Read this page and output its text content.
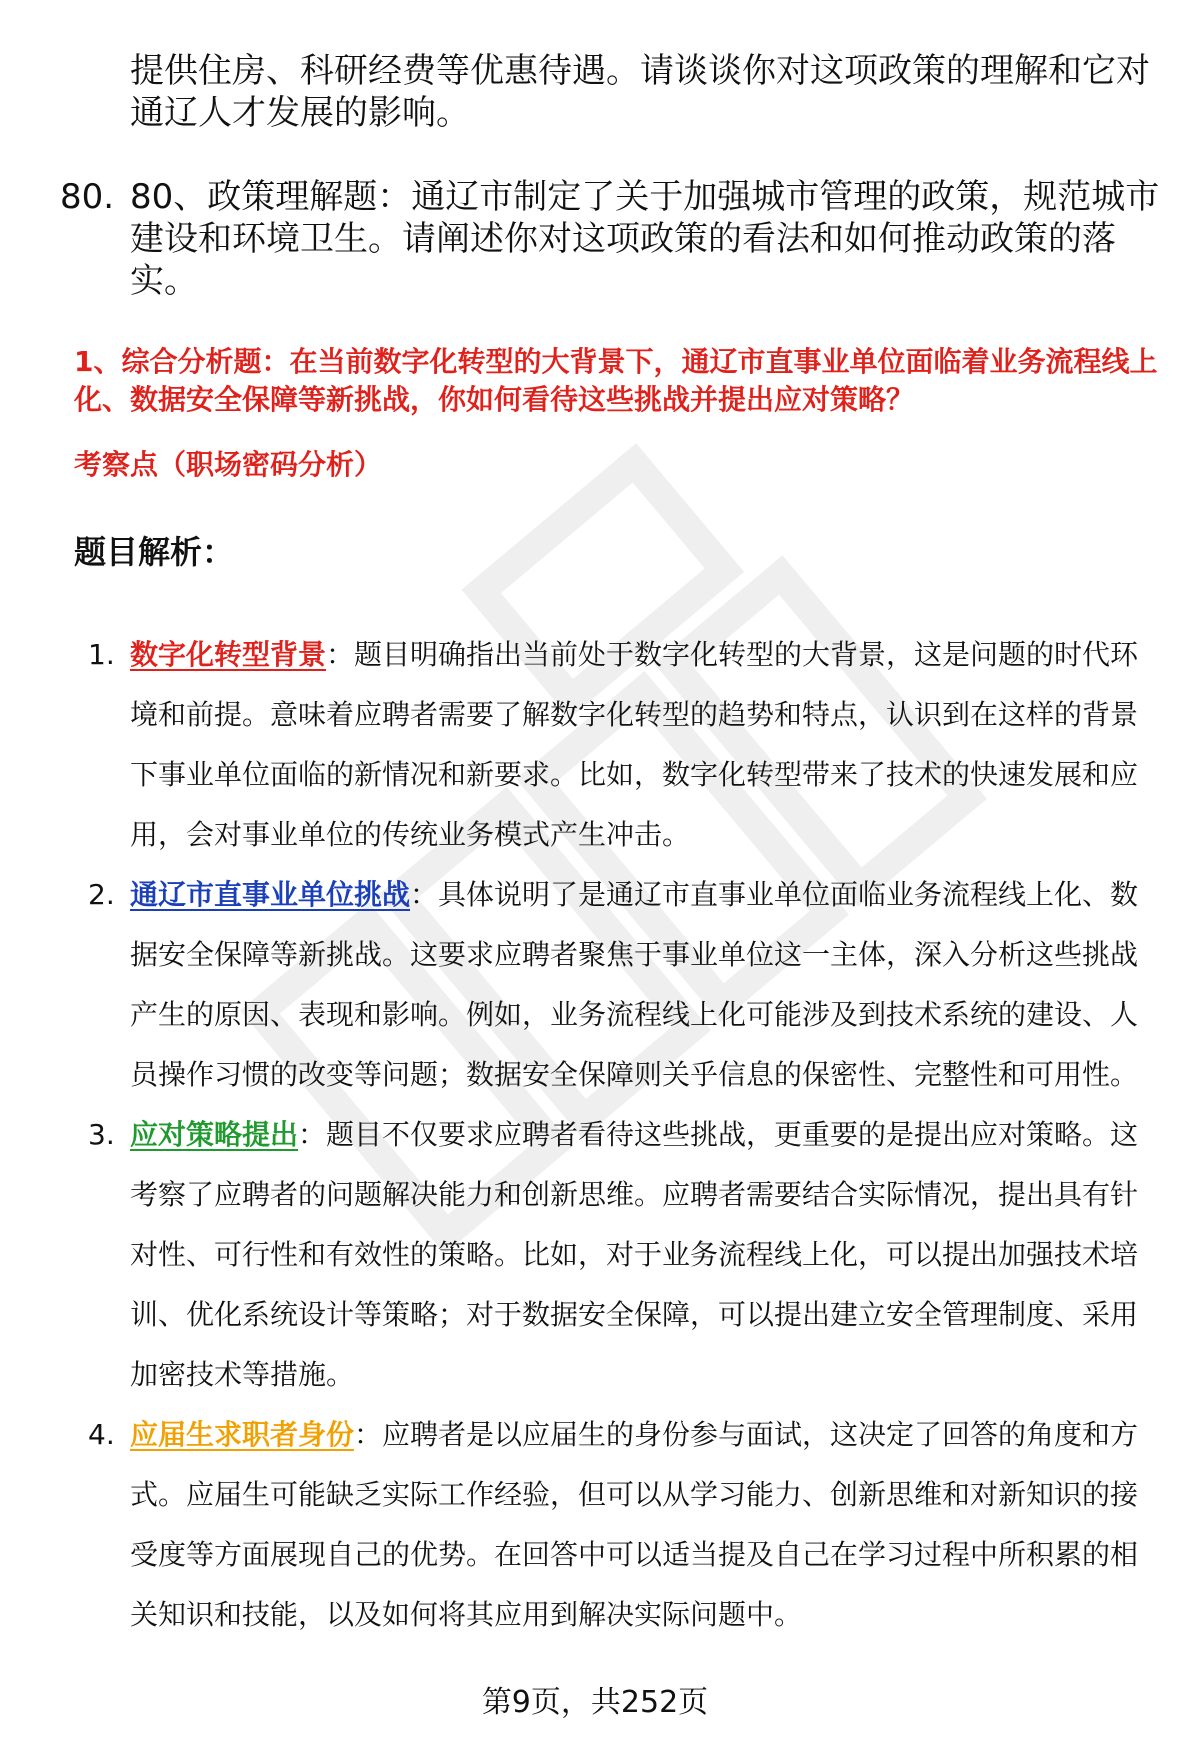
提供住房、科研经费等优惠待遇。请谈谈你对这项政策的理解和它对通辽人才发展的影响。

80. 80、政策理解题：通辽市制定了关于加强城市管理的政策，规范城市建设和环境卫生。请阐述你对这项政策的看法和如何推动政策的落实。

1、综合分析题：在当前数字化转型的大背景下，通辽市直事业单位面临着业务流程线上化、数据安全保障等新挑战，你如何看待这些挑战并提出应对策略？

考察点（职场密码分析）

题目解析：
1. 数字化转型背景：题目明确指出当前处于数字化转型的大背景，这是问题的时代环境和前提。意味着应聘者需要了解数字化转型的趋势和特点，认识到在这样的背景下事业单位面临的新情况和新要求。比如，数字化转型带来了技术的快速发展和应用，会对事业单位的传统业务模式产生冲击。
2. 通辽市直事业单位挑战：具体说明了是通辽市直事业单位面临业务流程线上化、数据安全保障等新挑战。这要求应聘者聚焦于事业单位这一主体，深入分析这些挑战产生的原因、表现和影响。例如，业务流程线上化可能涉及到技术系统的建设、人员操作习惯的改变等问题；数据安全保障则关乎信息的保密性、完整性和可用性。
3. 应对策略提出：题目不仅要求应聘者看待这些挑战，更重要的是提出应对策略。这考察了应聘者的问题解决能力和创新思维。应聘者需要结合实际情况，提出具有针对性、可行性和有效性的策略。比如，对于业务流程线上化，可以提出加强技术培训、优化系统设计等策略；对于数据安全保障，可以提出建立安全管理制度、采用加密技术等措施。
4. 应届生求职者身份：应聘者是以应届生的身份参与面试，这决定了回答的角度和方式。应届生可能缺乏实际工作经验，但可以从学习能力、创新思维和对新知识的接受度等方面展现自己的优势。在回答中可以适当提及自己在学习过程中所积累的相关知识和技能，以及如何将其应用到解决实际问题中。
第9页，共252页
